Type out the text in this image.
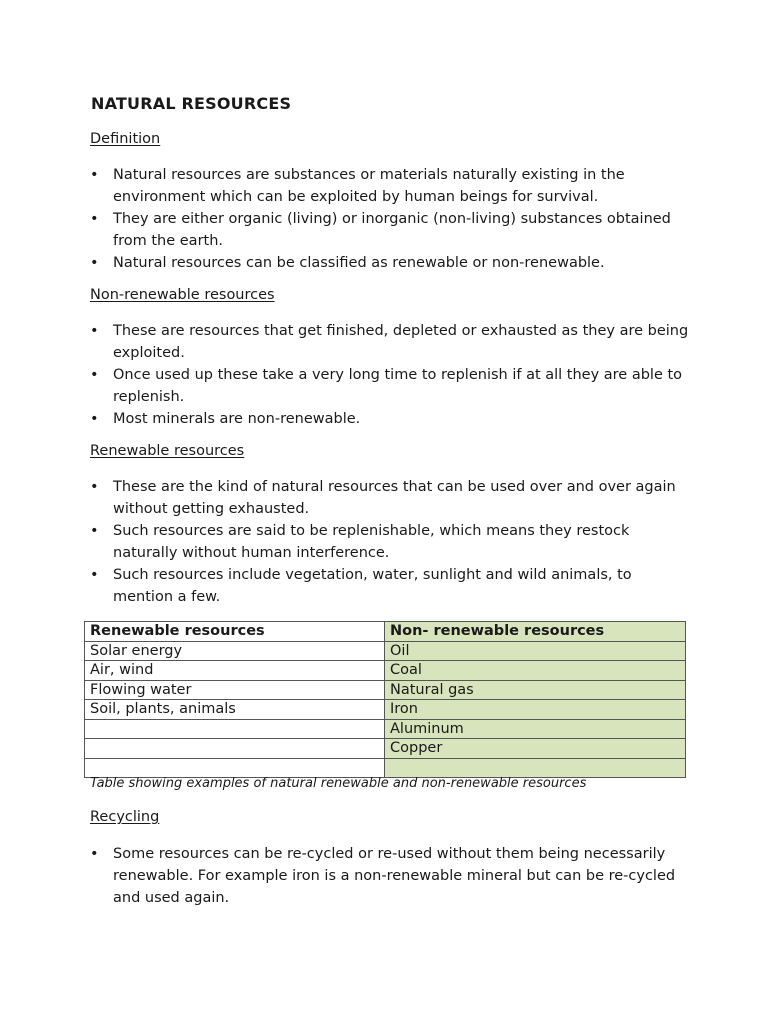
NATURAL RESOURCES

Definition

• Natural resources are substances or materials naturally existing in the environment which can be exploited by human beings for survival.
• They are either organic (living) or inorganic (non-living) substances obtained from the earth.
• Natural resources can be classified as renewable or non-renewable.

Non-renewable resources

• These are resources that get finished, depleted or exhausted as they are being exploited.
• Once used up these take a very long time to replenish if at all they are able to replenish.
• Most minerals are non-renewable.

Renewable resources

• These are the kind of natural resources that can be used over and over again without getting exhausted.
• Such resources are said to be replenishable, which means they restock naturally without human interference.
• Such resources include vegetation, water, sunlight and wild animals, to mention a few.
Renewable resources	Non- renewable resources
Solar energy	Oil
Air, wind	Coal
Flowing water	Natural gas
Soil, plants, animals	Iron
	Aluminum
	Copper

Table showing examples of natural renewable and non-renewable resources

Recycling

• Some resources can be re-cycled or re-used without them being necessarily renewable. For example iron is a non-renewable mineral but can be re-cycled and used again.
